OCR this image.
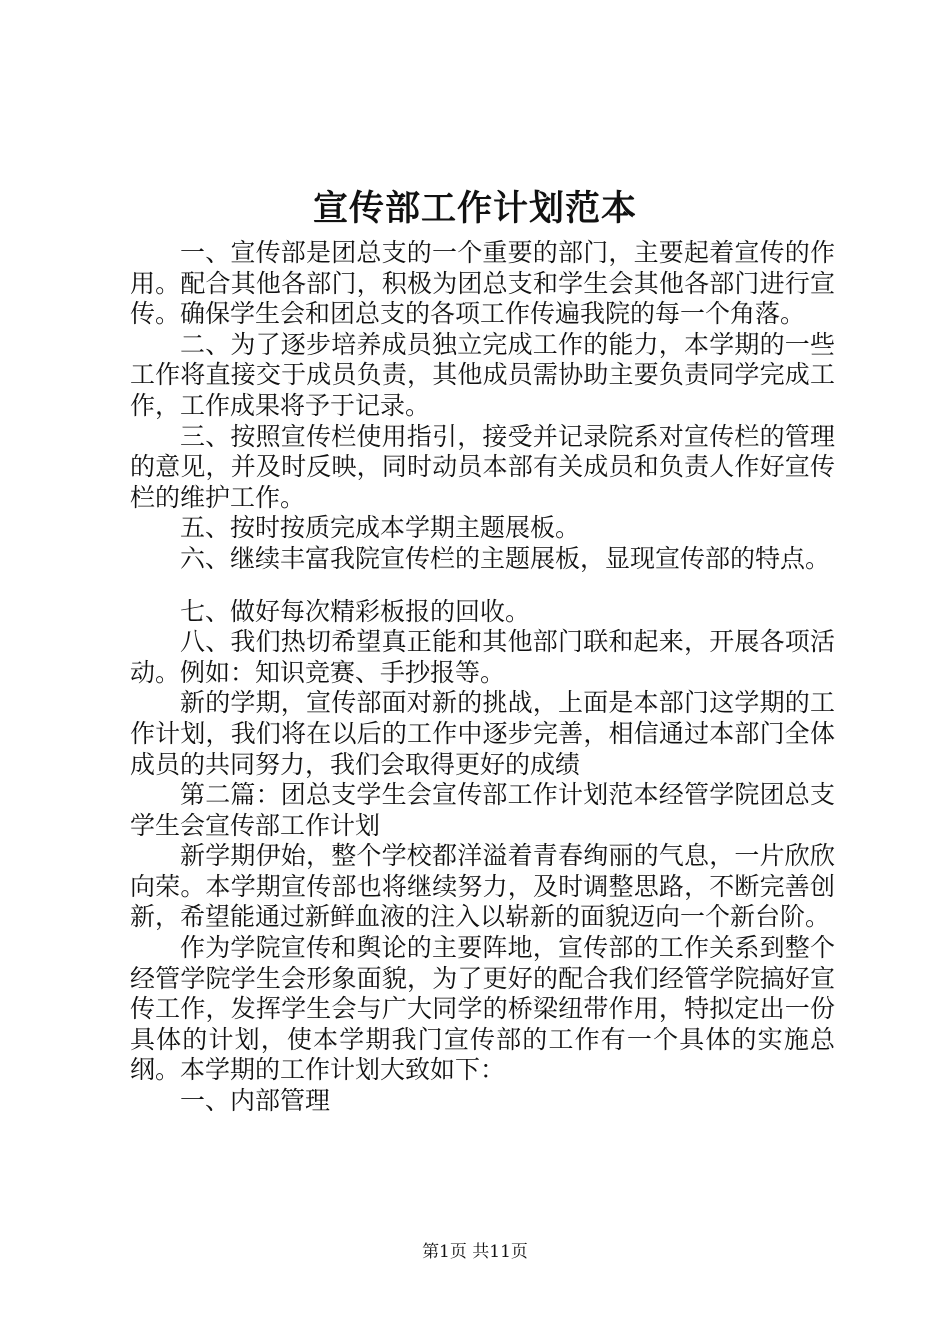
宣传部工作计划范本

一、宣传部是团总支的一个重要的部门，主要起着宣传的作用。配合其他各部门，积极为团总支和学生会其他各部门进行宣传。确保学生会和团总支的各项工作传遍我院的每一个角落。

二、为了逐步培养成员独立完成工作的能力，本学期的一些工作将直接交于成员负责，其他成员需协助主要负责同学完成工作，工作成果将予于记录。

三、按照宣传栏使用指引，接受并记录院系对宣传栏的管理的意见，并及时反映，同时动员本部有关成员和负责人作好宣传栏的维护工作。

五、按时按质完成本学期主题展板。

六、继续丰富我院宣传栏的主题展板，显现宣传部的特点。

七、做好每次精彩板报的回收。

八、我们热切希望真正能和其他部门联和起来，开展各项活动。例如：知识竞赛、手抄报等。

新的学期，宣传部面对新的挑战，上面是本部门这学期的工作计划，我们将在以后的工作中逐步完善，相信通过本部门全体成员的共同努力，我们会取得更好的成绩

第二篇：团总支学生会宣传部工作计划范本经管学院团总支学生会宣传部工作计划

新学期伊始，整个学校都洋溢着青春绚丽的气息，一片欣欣向荣。本学期宣传部也将继续努力，及时调整思路，不断完善创新，希望能通过新鲜血液的注入以崭新的面貌迈向一个新台阶。

作为学院宣传和舆论的主要阵地，宣传部的工作关系到整个经管学院学生会形象面貌，为了更好的配合我们经管学院搞好宣传工作，发挥学生会与广大同学的桥梁纽带作用，特拟定出一份具体的计划，使本学期我门宣传部的工作有一个具体的实施总纲。本学期的工作计划大致如下：

一、内部管理

第1页 共11页
